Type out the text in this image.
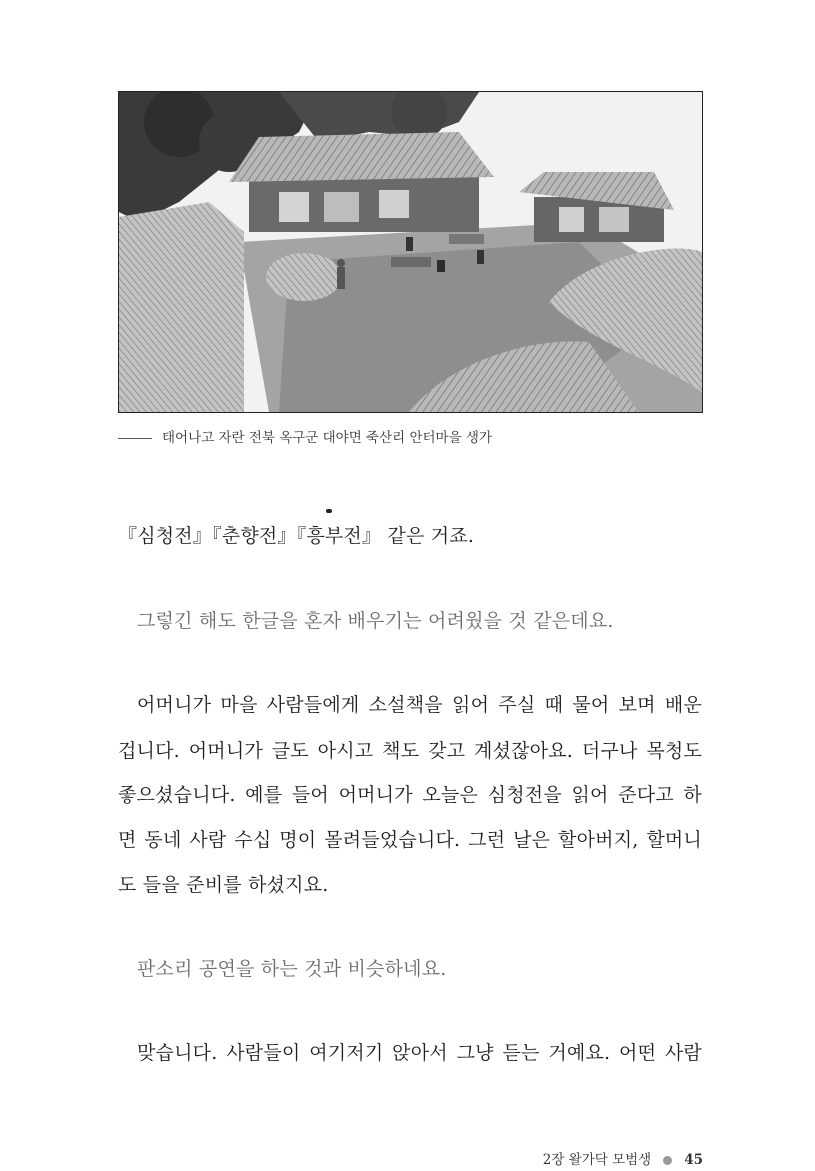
태어나고 자란 전북 옥구군 대야면 죽산리 안터마을 생가
『심청전』『춘향전』『흥부전』 같은 거죠.
그렇긴 해도 한글을 혼자 배우기는 어려웠을 것 같은데요.
어머니가 마을 사람들에게 소설책을 읽어 주실 때 물어 보며 배운
겁니다. 어머니가 글도 아시고 책도 갖고 계셨잖아요. 더구나 목청도
좋으셨습니다. 예를 들어 어머니가 오늘은 심청전을 읽어 준다고 하
면 동네 사람 수십 명이 몰려들었습니다. 그런 날은 할아버지, 할머니
도 들을 준비를 하셨지요.
판소리 공연을 하는 것과 비슷하네요.
맞습니다. 사람들이 여기저기 앉아서 그냥 듣는 거예요. 어떤 사람
2장 왈가닥 모범생 45
